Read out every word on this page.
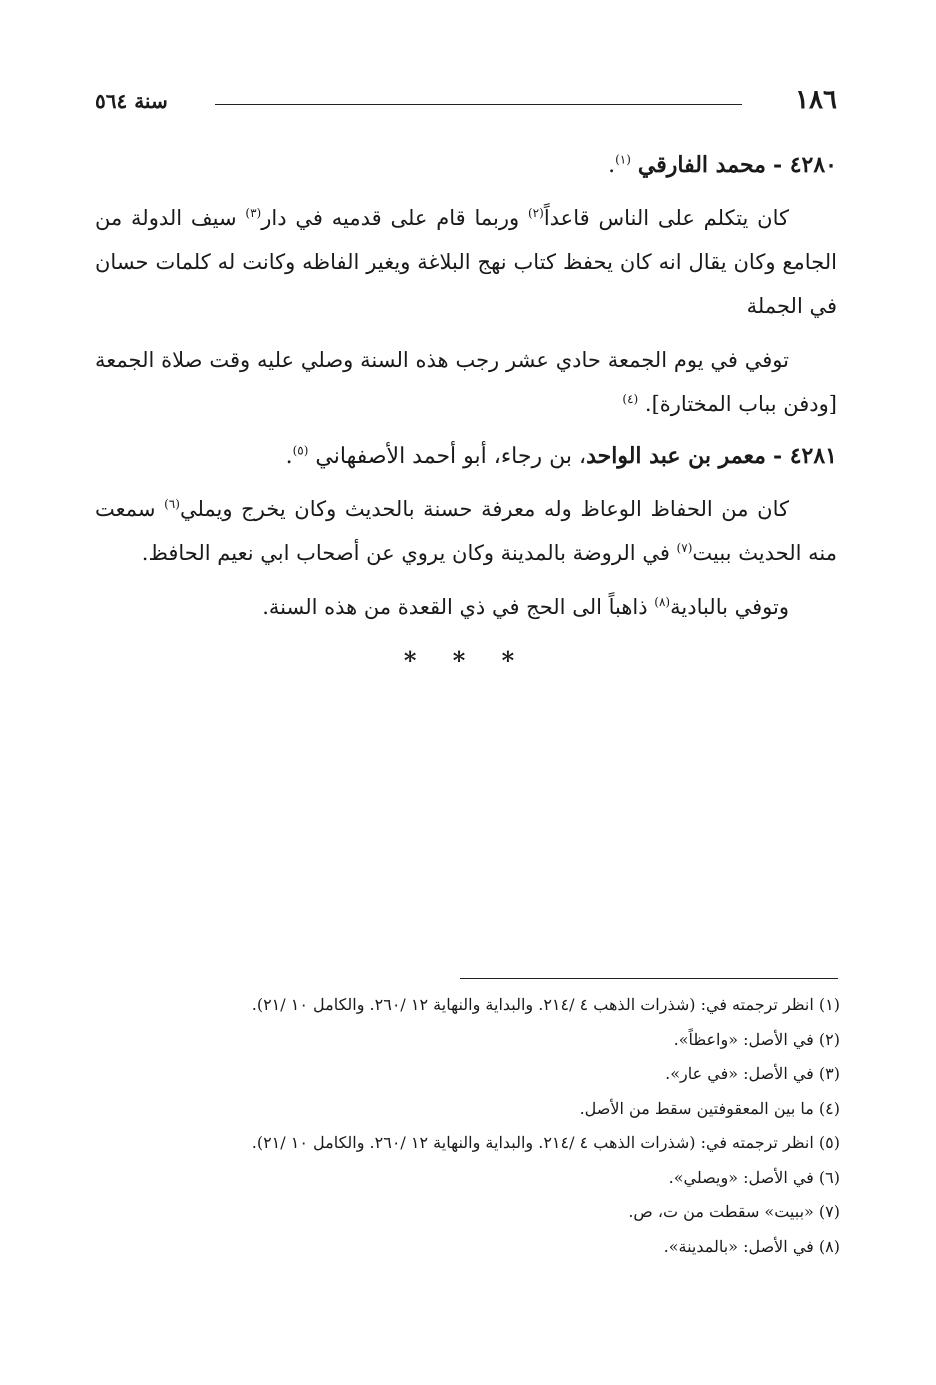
١٨٦
سنة ٥٦٤

٤٢٨٠ - محمد الفارقي $^{(١)}$.

كان يتكلم على الناس قاعداً$^{(٢)}$ وربما قام على قدميه في دار$^{(٣)}$ سيف الدولة من الجامع وكان يقال انه كان يحفظ كتاب نهج البلاغة ويغير الفاظه وكانت له كلمات حسان في الجملة

توفي في يوم الجمعة حادي عشر رجب هذه السنة وصلي عليه وقت صلاة الجمعة [ودفن بباب المختارة]. $^{(٤)}$

٤٢٨١ - معمر بن عبد الواحد، بن رجاء، أبو أحمد الأصفهاني $^{(٥)}$.

كان من الحفاظ الوعاظ وله معرفة حسنة بالحديث وكان يخرج ويملي$^{(٦)}$ سمعت منه الحديث ببيت$^{(٧)}$ في الروضة بالمدينة وكان يروي عن أصحاب ابي نعيم الحافظ.

وتوفي بالبادية$^{(٨)}$ ذاهباً الى الحج في ذي القعدة من هذه السنة.

* * *
(١) انظر ترجمته في: (شذرات الذهب ٤ /٢١٤. والبداية والنهاية ١٢ /٢٦٠. والكامل ١٠ /٢١).
(٢) في الأصل: «واعظاً».
(٣) في الأصل: «في عار».
(٤) ما بين المعقوفتين سقط من الأصل.
(٥) انظر ترجمته في: (شذرات الذهب ٤ /٢١٤. والبداية والنهاية ١٢ /٢٦٠. والكامل ١٠ /٢١).
(٦) في الأصل: «ويصلي».
(٧) «ببيت» سقطت من ت، ص.
(٨) في الأصل: «بالمدينة».
